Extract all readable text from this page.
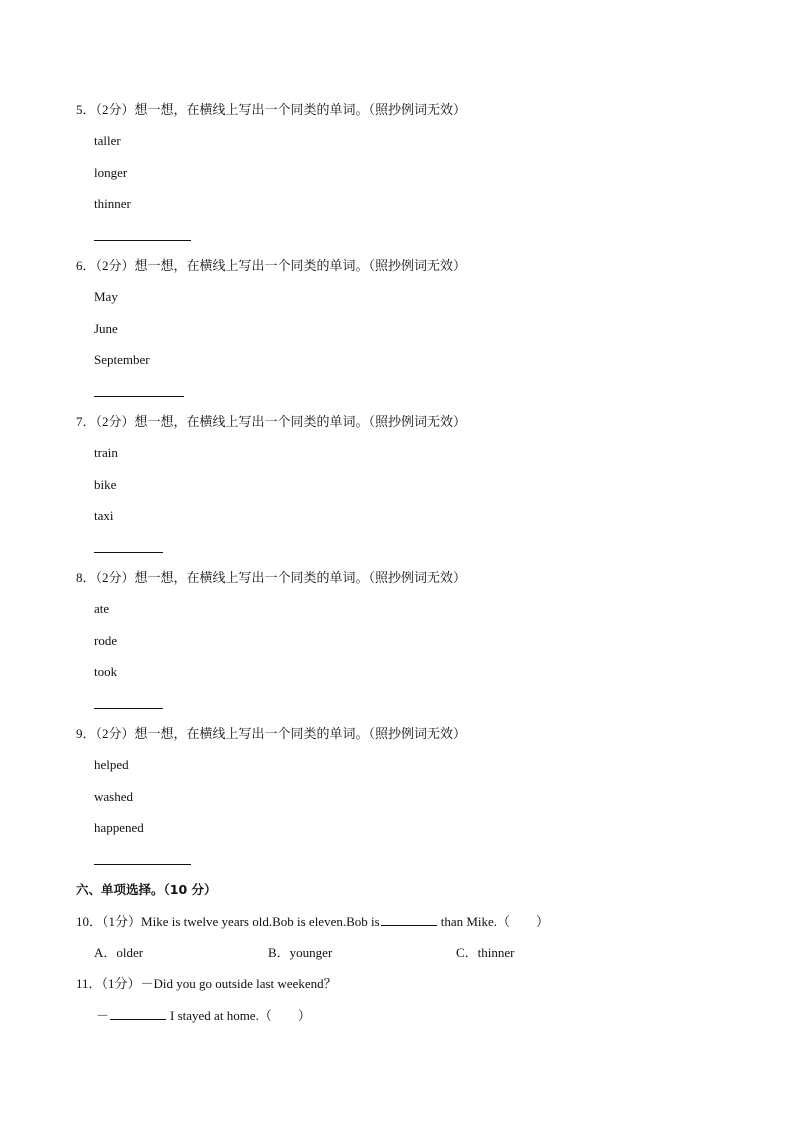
5．（2分）想一想，在横线上写出一个同类的单词。（照抄例词无效）
taller
longer
thinner
6．（2分）想一想，在横线上写出一个同类的单词。（照抄例词无效）
May
June
September
7．（2分）想一想，在横线上写出一个同类的单词。（照抄例词无效）
train
bike
taxi
8．（2分）想一想，在横线上写出一个同类的单词。（照抄例词无效）
ate
rode
took
9．（2分）想一想，在横线上写出一个同类的单词。（照抄例词无效）
helped
washed
happened
六、单项选择。（10 分）
10．（1分）Mike is twelve years old.Bob is eleven.Bob is	than Mike.（　　）
A．older	B．younger	C．thinner
11．（1分）－Did you go outside last weekend？
－	I stayed at home.（　　）
